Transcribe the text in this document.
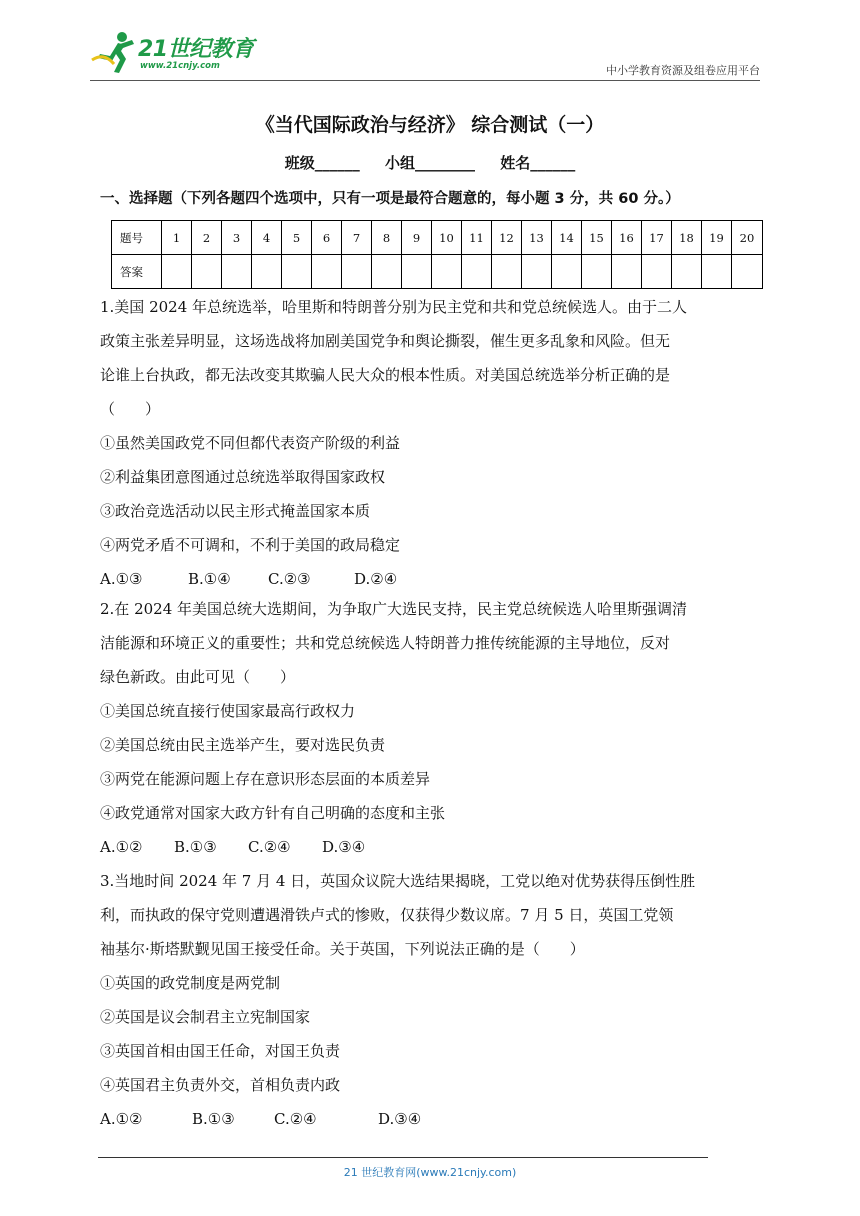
21世纪教育
www.21cnjy.com	中小学教育资源及组卷应用平台
《当代国际政治与经济》 综合测试（一）
班级______ 小组________ 姓名______
一、选择题（下列各题四个选项中，只有一项是最符合题意的，每小题 3 分，共 60 分。）
题号	1	2	3	4	5	6	7	8	9	10	11	12	13	14	15	16	17	18	19	20
答案																				
1.美国 2024 年总统选举，哈里斯和特朗普分别为民主党和共和党总统候选人。由于二人
政策主张差异明显，这场选战将加剧美国党争和舆论撕裂，催生更多乱象和风险。但无
论谁上台执政，都无法改变其欺骗人民大众的根本性质。对美国总统选举分析正确的是
（　　）
①虽然美国政党不同但都代表资产阶级的利益
②利益集团意图通过总统选举取得国家政权
③政治竞选活动以民主形式掩盖国家本质
④两党矛盾不可调和，不利于美国的政局稳定
A.①③	B.①④ C.②③	D.②④
2.在 2024 年美国总统大选期间，为争取广大选民支持，民主党总统候选人哈里斯强调清
洁能源和环境正义的重要性；共和党总统候选人特朗普力推传统能源的主导地位，反对
绿色新政。由此可见（　　）
①美国总统直接行使国家最高行政权力
②美国总统由民主选举产生，要对选民负责
③两党在能源问题上存在意识形态层面的本质差异
④政党通常对国家大政方针有自己明确的态度和主张
A.①② B.①③ C.②④ D.③④
3.当地时间 2024 年 7 月 4 日，英国众议院大选结果揭晓，工党以绝对优势获得压倒性胜
利，而执政的保守党则遭遇滑铁卢式的惨败，仅获得少数议席。7 月 5 日，英国工党领
袖基尔·斯塔默觐见国王接受任命。关于英国，下列说法正确的是（　　）
①英国的政党制度是两党制
②英国是议会制君主立宪制国家
③英国首相由国王任命，对国王负责
④英国君主负责外交，首相负责内政
A.①②	B.①③	C.②④	D.③④
21 世纪教育网(www.21cnjy.com)
